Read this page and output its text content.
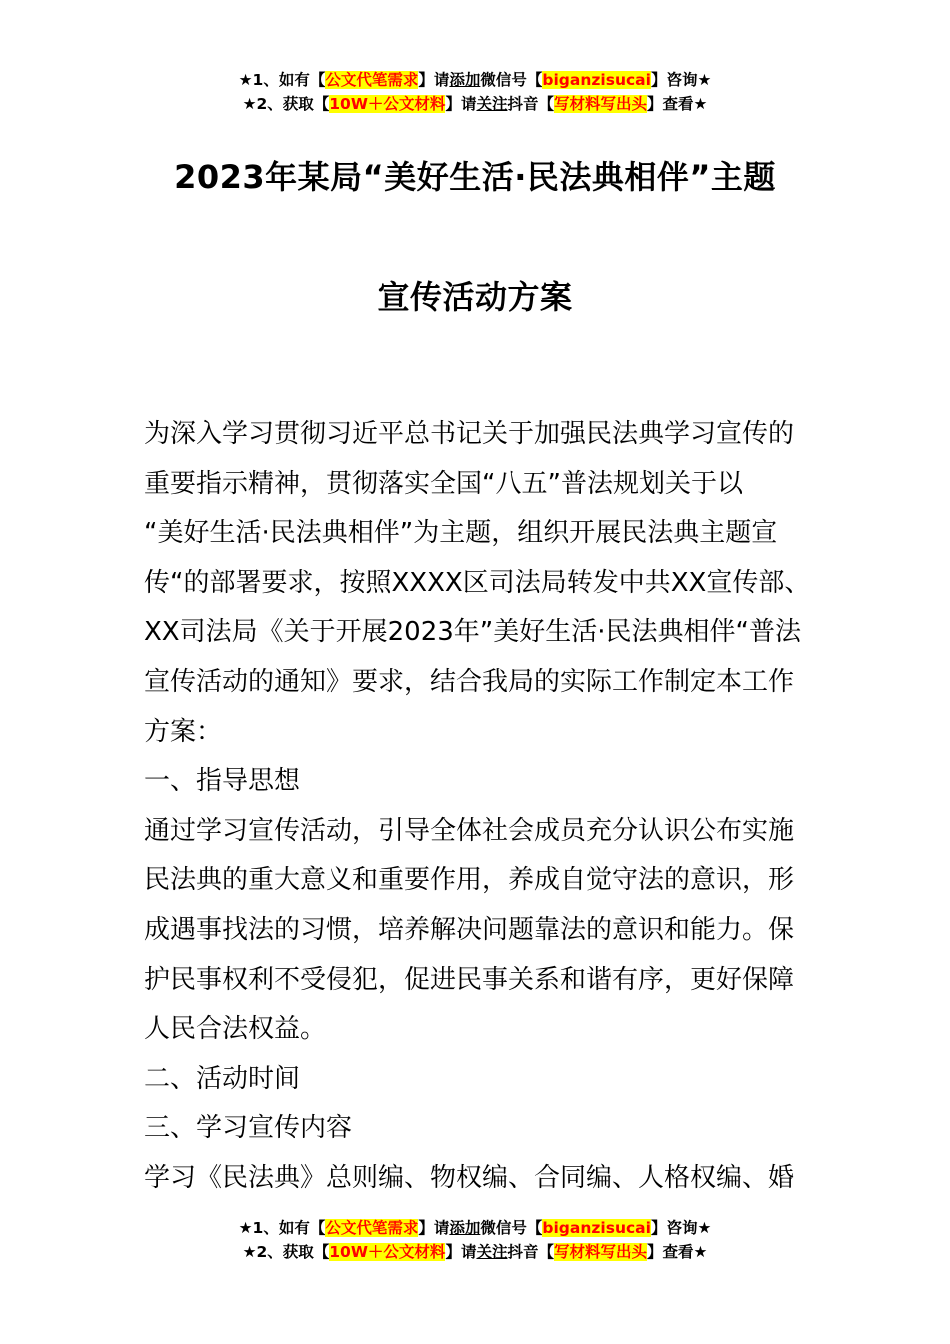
★1、如有【公文代笔需求】请添加微信号【biganzisucai】咨询★
★2、获取【10W＋公文材料】请关注抖音【写材料写出头】查看★
2023年某局“美好生活·民法典相伴”主题
宣传活动方案

为深入学习贯彻习近平总书记关于加强民法典学习宣传的

重要指示精神，贯彻落实全国“八五”普法规划关于以

“美好生活·民法典相伴”为主题，组织开展民法典主题宣

传“的部署要求，按照XXXX区司法局转发中共XX宣传部、

XX司法局《关于开展2023年”美好生活·民法典相伴“普法

宣传活动的通知》要求，结合我局的实际工作制定本工作

方案：

一、指导思想

通过学习宣传活动，引导全体社会成员充分认识公布实施

民法典的重大意义和重要作用，养成自觉守法的意识，形

成遇事找法的习惯，培养解决问题靠法的意识和能力。保

护民事权利不受侵犯，促进民事关系和谐有序，更好保障

人民合法权益。

二、活动时间

三、学习宣传内容

学习《民法典》总则编、物权编、合同编、人格权编、婚

★1、如有【公文代笔需求】请添加微信号【biganzisucai】咨询★
★2、获取【10W＋公文材料】请关注抖音【写材料写出头】查看★
